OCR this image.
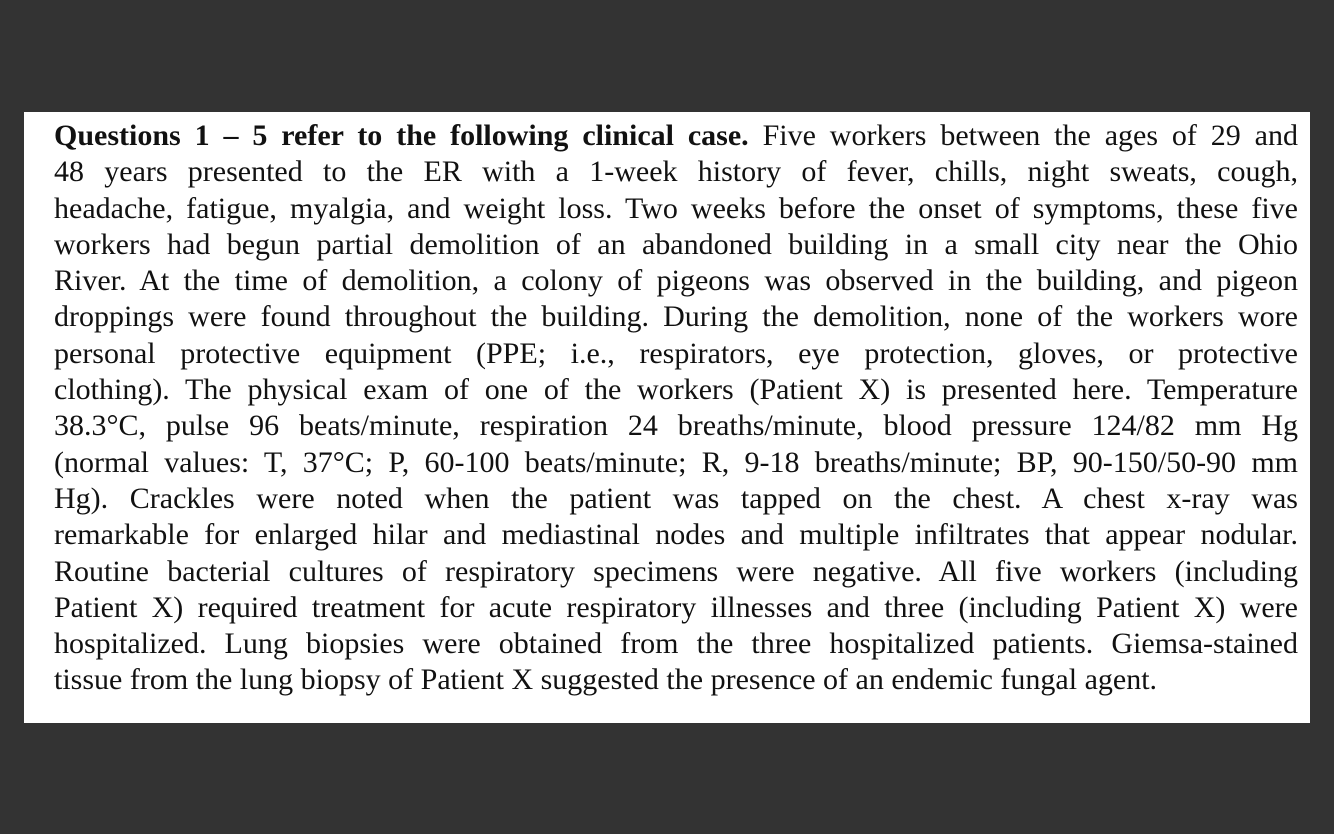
Questions 1 – 5 refer to the following clinical case. Five workers between the ages of 29 and
48 years presented to the ER with a 1-week history of fever, chills, night sweats, cough,
headache, fatigue, myalgia, and weight loss. Two weeks before the onset of symptoms, these five
workers had begun partial demolition of an abandoned building in a small city near the Ohio
River. At the time of demolition, a colony of pigeons was observed in the building, and pigeon
droppings were found throughout the building. During the demolition, none of the workers wore
personal protective equipment (PPE; i.e., respirators, eye protection, gloves, or protective
clothing). The physical exam of one of the workers (Patient X) is presented here. Temperature
38.3°C, pulse 96 beats/minute, respiration 24 breaths/minute, blood pressure 124/82 mm Hg
(normal values: T, 37°C; P, 60-100 beats/minute; R, 9-18 breaths/minute; BP, 90-150/50-90 mm
Hg). Crackles were noted when the patient was tapped on the chest. A chest x-ray was
remarkable for enlarged hilar and mediastinal nodes and multiple infiltrates that appear nodular.
Routine bacterial cultures of respiratory specimens were negative. All five workers (including
Patient X) required treatment for acute respiratory illnesses and three (including Patient X) were
hospitalized. Lung biopsies were obtained from the three hospitalized patients. Giemsa-stained
tissue from the lung biopsy of Patient X suggested the presence of an endemic fungal agent.
